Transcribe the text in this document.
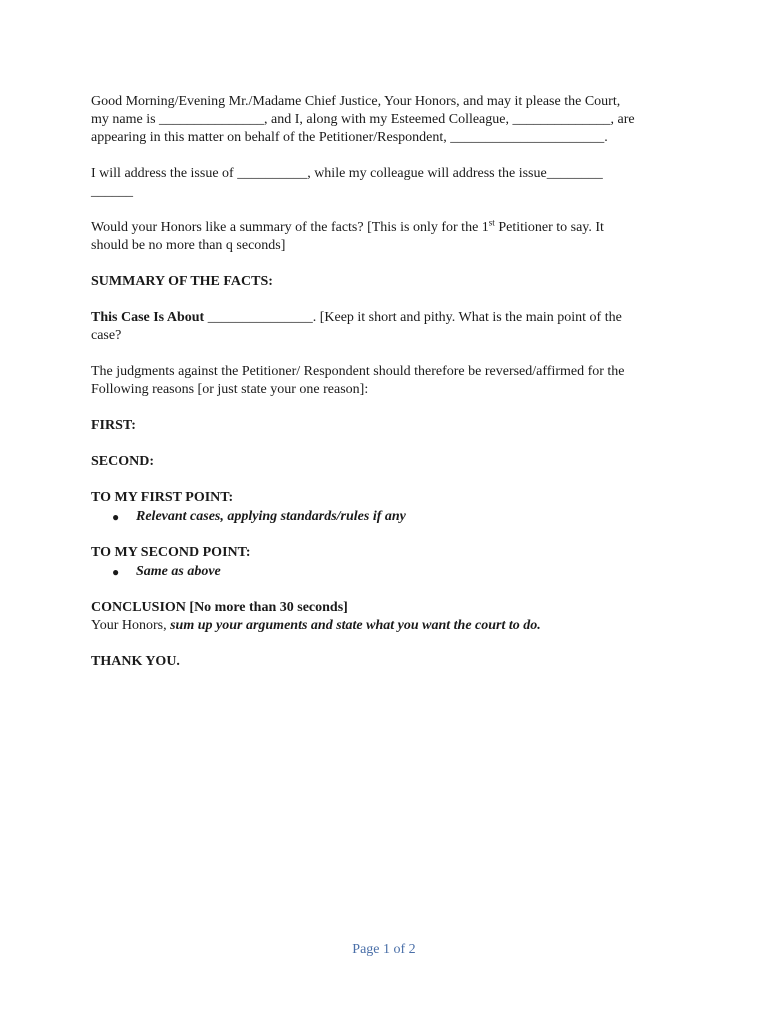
Good Morning/Evening Mr./Madame Chief Justice, Your Honors, and may it please the Court,
my name is _______________, and I, along with my Esteemed Colleague, ______________, are
appearing in this matter on behalf of the Petitioner/Respondent, ______________________.

I will address the issue of __________, while my colleague will address the issue________
______

Would your Honors like a summary of the facts? [This is only for the 1st Petitioner to say. It
should be no more than q seconds]

SUMMARY OF THE FACTS:

This Case Is About _______________. [Keep it short and pithy. What is the main point of the
case?

The judgments against the Petitioner/ Respondent should therefore be reversed/affirmed for the
Following reasons [or just state your one reason]:

FIRST:

SECOND:

TO MY FIRST POINT:

● Relevant cases, applying standards/rules if any

TO MY SECOND POINT:

● Same as above

CONCLUSION [No more than 30 seconds]

Your Honors, sum up your arguments and state what you want the court to do.

THANK YOU.

Page 1 of 2
